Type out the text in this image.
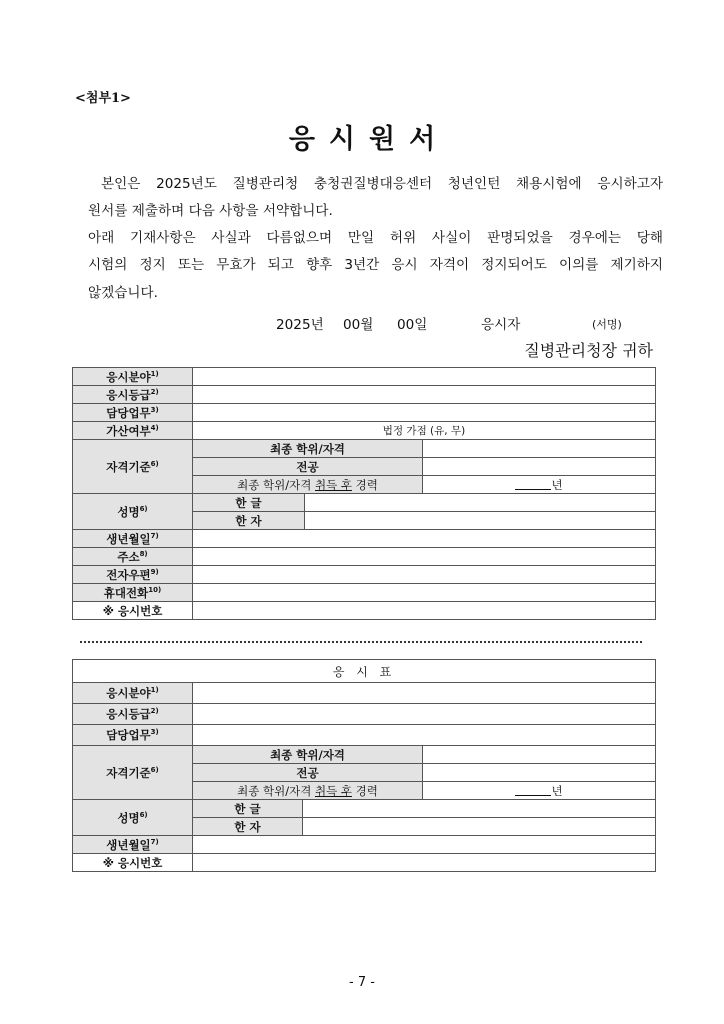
<첨부1>
응시원서
본인은 2025년도 질병관리청 충청권질병대응센터 청년인턴 채용시험에 응시하고자
원서를 제출하며 다음 사항을 서약합니다.
아래 기재사항은 사실과 다름없으며 만일 허위 사실이 판명되었을 경우에는 당해
시험의 정지 또는 무효가 되고 향후 3년간 응시 자격이 정지되어도 이의를 제기하지
않겠습니다.
2025년 00월 00일	응시자	(서명)
질병관리청장 귀하
응시분야$^{1)}$	
응시등급$^{2)}$	
담당업무$^{3)}$	
가산여부$^{4)}$	법정 가점 (유, 무)		
자격기준$^{6)}$	최종 학위/자격		
	전공		
	최종 학위/자격 취득 후 경력		년
성명$^{6)}$	한 글		
	한 자		
생년월일$^{7)}$	
주소$^{8)}$	
전자우편$^{9)}$	
휴대전화$^{10)}$	
※ 응시번호			
응 시 표			
응시분야$^{1)}$	
응시등급$^{2)}$	
담당업무$^{3)}$	
자격기준$^{6)}$	최종 학위/자격		
	전공		
	최종 학위/자격 취득 후 경력		년
성명$^{6)}$	한 글		
	한 자		
생년월일$^{7)}$	
※ 응시번호			
- 7 -
